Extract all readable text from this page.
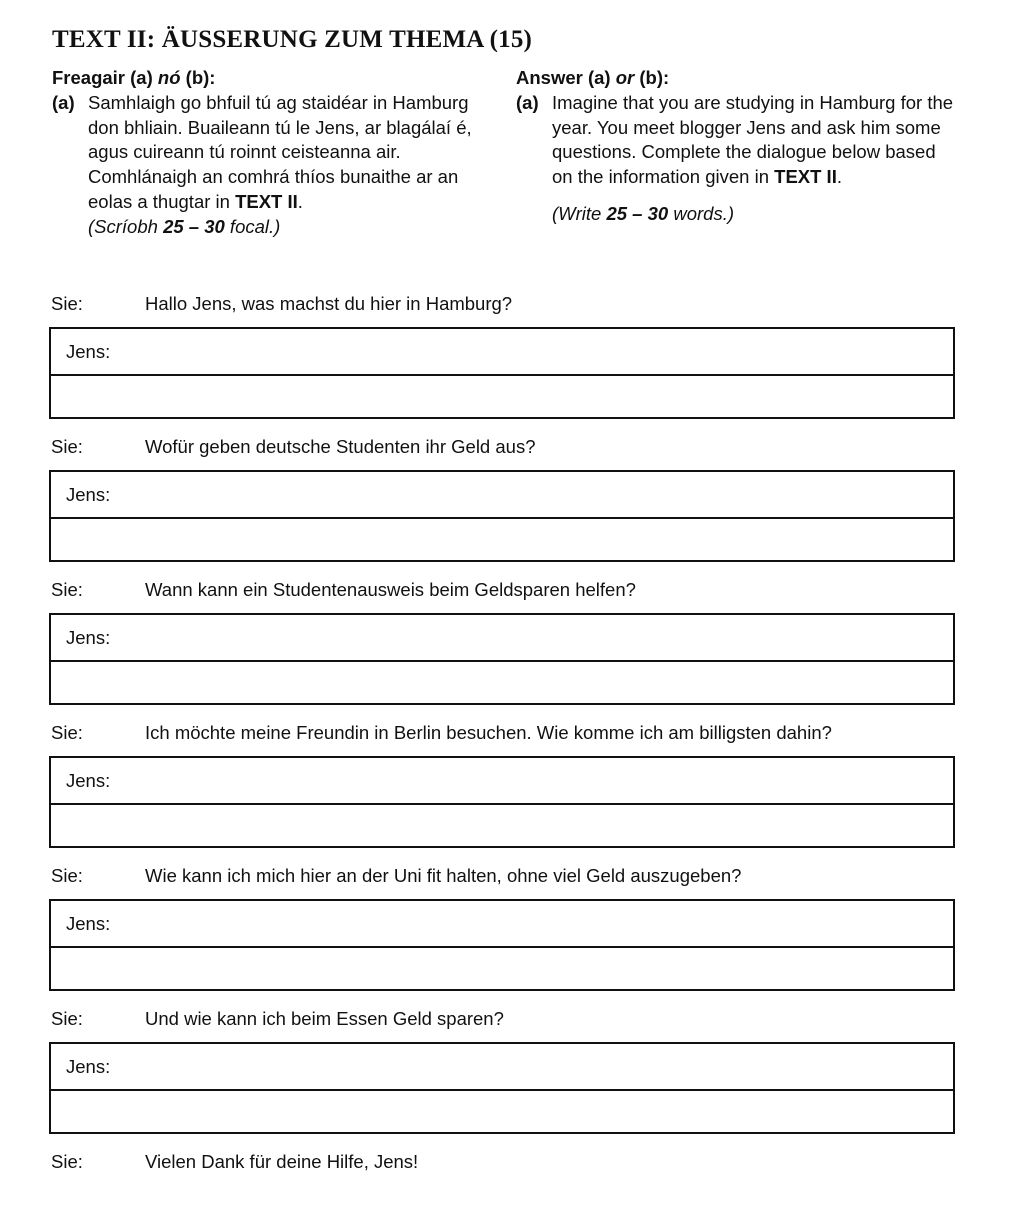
TEXT II: ÄUSSERUNG ZUM THEMA (15)
Freagair (a) nó (b):
(a) Samhlaigh go bhfuil tú ag staidéar in Hamburg don bhliain. Buaileann tú le Jens, ar blagálaí é, agus cuireann tú roinnt ceisteanna air. Comhlánaigh an comhrá thíos bunaithe ar an eolas a thugtar in TEXT II.
(Scríobh 25 – 30 focal.)
Answer (a) or (b):
(a) Imagine that you are studying in Hamburg for the year. You meet blogger Jens and ask him some questions. Complete the dialogue below based on the information given in TEXT II.
(Write 25 – 30 words.)
Sie:	Hallo Jens, was machst du hier in Hamburg?
Jens:
Sie:	Wofür geben deutsche Studenten ihr Geld aus?
Jens:
Sie:	Wann kann ein Studentenausweis beim Geldsparen helfen?
Jens:
Sie:	Ich möchte meine Freundin in Berlin besuchen. Wie komme ich am billigsten dahin?
Jens:
Sie:	Wie kann ich mich hier an der Uni fit halten, ohne viel Geld auszugeben?
Jens:
Sie:	Und wie kann ich beim Essen Geld sparen?
Jens:
Sie:	Vielen Dank für deine Hilfe, Jens!
